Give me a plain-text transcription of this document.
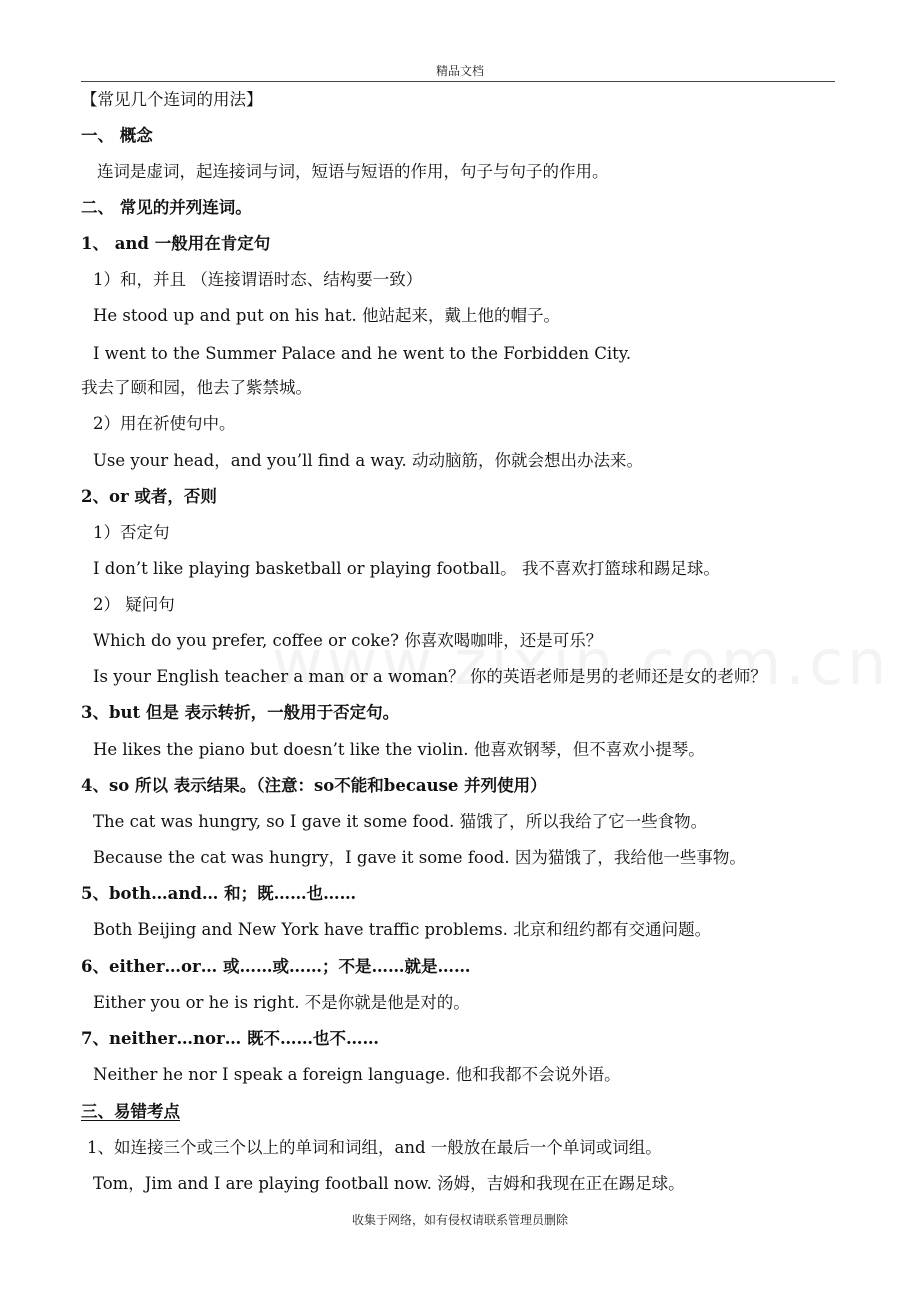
精品文档
【常见几个连词的用法】
一、 概念
连词是虚词，起连接词与词，短语与短语的作用，句子与句子的作用。
二、 常见的并列连词。
1、 and 一般用在肯定句
1）和，并且 （连接谓语时态、结构要一致）
He stood up and put on his hat. 他站起来，戴上他的帽子。
I went to the Summer Palace and he went to the Forbidden City.
我去了颐和园，他去了紫禁城。
2）用在祈使句中。
Use your head，and you’ll find a way. 动动脑筋，你就会想出办法来。
2、or 或者，否则
1）否定句
I don’t like playing basketball or playing football。 我不喜欢打篮球和踢足球。
2） 疑问句
Which do you prefer, coffee or coke? 你喜欢喝咖啡，还是可乐？
Is your English teacher a man or a woman？ 你的英语老师是男的老师还是女的老师？
3、but 但是 表示转折，一般用于否定句。
He likes the piano but doesn’t like the violin. 他喜欢钢琴，但不喜欢小提琴。
4、so 所以 表示结果。（注意：so不能和because 并列使用）
The cat was hungry, so I gave it some food. 猫饿了，所以我给了它一些食物。
Because the cat was hungry，I gave it some food. 因为猫饿了，我给他一些事物。
5、both…and… 和；既……也……
Both Beijing and New York have traffic problems. 北京和纽约都有交通问题。
6、either…or… 或……或……；不是……就是……
Either you or he is right. 不是你就是他是对的。
7、neither…nor… 既不……也不……
Neither he nor I speak a foreign language. 他和我都不会说外语。
三、易错考点
1、如连接三个或三个以上的单词和词组，and 一般放在最后一个单词或词组。
Tom，Jim and I are playing football now. 汤姆，吉姆和我现在正在踢足球。
收集于网络，如有侵权请联系管理员删除
